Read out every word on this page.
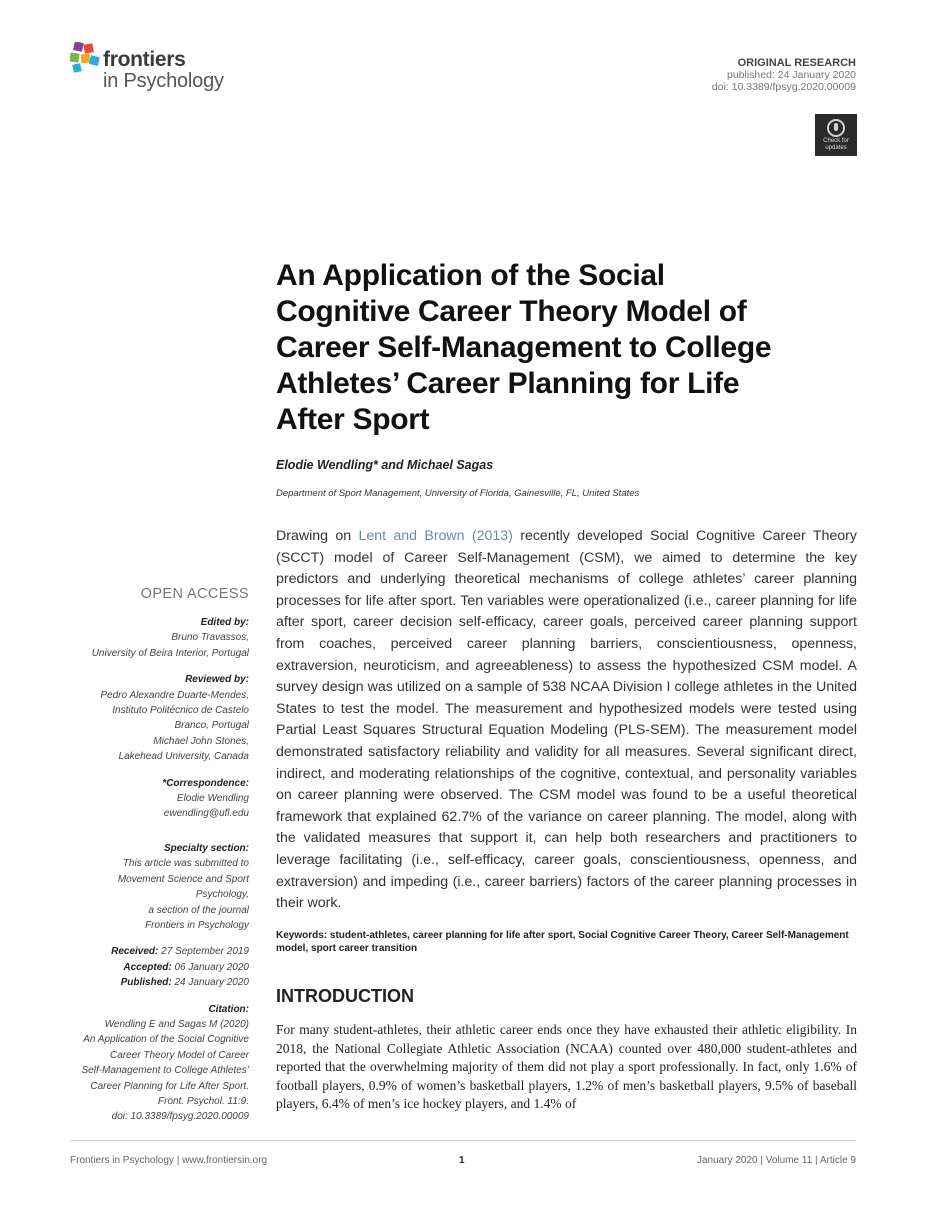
frontiers
in Psychology
ORIGINAL RESEARCH
published: 24 January 2020
doi: 10.3389/fpsyg.2020.00009
Check for
updates
An Application of the Social
Cognitive Career Theory Model of
Career Self-Management to College
Athletes’ Career Planning for Life
After Sport
Elodie Wendling* and Michael Sagas
Department of Sport Management, University of Florida, Gainesville, FL, United States
Drawing on Lent and Brown (2013) recently developed Social Cognitive Career Theory (SCCT) model of Career Self-Management (CSM), we aimed to determine the key predictors and underlying theoretical mechanisms of college athletes’ career planning processes for life after sport. Ten variables were operationalized (i.e., career planning for life after sport, career decision self-efficacy, career goals, perceived career planning support from coaches, perceived career planning barriers, conscientiousness, openness, extraversion, neuroticism, and agreeableness) to assess the hypothesized CSM model. A survey design was utilized on a sample of 538 NCAA Division I college athletes in the United States to test the model. The measurement and hypothesized models were tested using Partial Least Squares Structural Equation Modeling (PLS-SEM). The measurement model demonstrated satisfactory reliability and validity for all measures. Several significant direct, indirect, and moderating relationships of the cognitive, contextual, and personality variables on career planning were observed. The CSM model was found to be a useful theoretical framework that explained 62.7% of the variance on career planning. The model, along with the validated measures that support it, can help both researchers and practitioners to leverage facilitating (i.e., self-efficacy, career goals, conscientiousness, openness, and extraversion) and impeding (i.e., career barriers) factors of the career planning processes in their work.
Keywords: student-athletes, career planning for life after sport, Social Cognitive Career Theory, Career Self-Management model, sport career transition
INTRODUCTION
For many student-athletes, their athletic career ends once they have exhausted their athletic eligibility. In 2018, the National Collegiate Athletic Association (NCAA) counted over 480,000 student-athletes and reported that the overwhelming majority of them did not play a sport professionally. In fact, only 1.6% of football players, 0.9% of women’s basketball players, 1.2% of men’s basketball players, 9.5% of baseball players, 6.4% of men’s ice hockey players, and 1.4% of
OPEN ACCESS
Edited by:
Bruno Travassos,
University of Beira Interior, Portugal
Reviewed by:
Pedro Alexandre Duarte-Mendes,
Instituto Politécnico de Castelo
Branco, Portugal
Michael John Stones,
Lakehead University, Canada
*Correspondence:
Elodie Wendling
ewendling@ufl.edu
Specialty section:
This article was submitted to
Movement Science and Sport
Psychology,
a section of the journal
Frontiers in Psychology
Received: 27 September 2019
Accepted: 06 January 2020
Published: 24 January 2020
Citation:
Wendling E and Sagas M (2020)
An Application of the Social Cognitive
Career Theory Model of Career
Self-Management to College Athletes’
Career Planning for Life After Sport.
Front. Psychol. 11:9.
doi: 10.3389/fpsyg.2020.00009
Frontiers in Psychology | www.frontiersin.org	1	January 2020 | Volume 11 | Article 9
